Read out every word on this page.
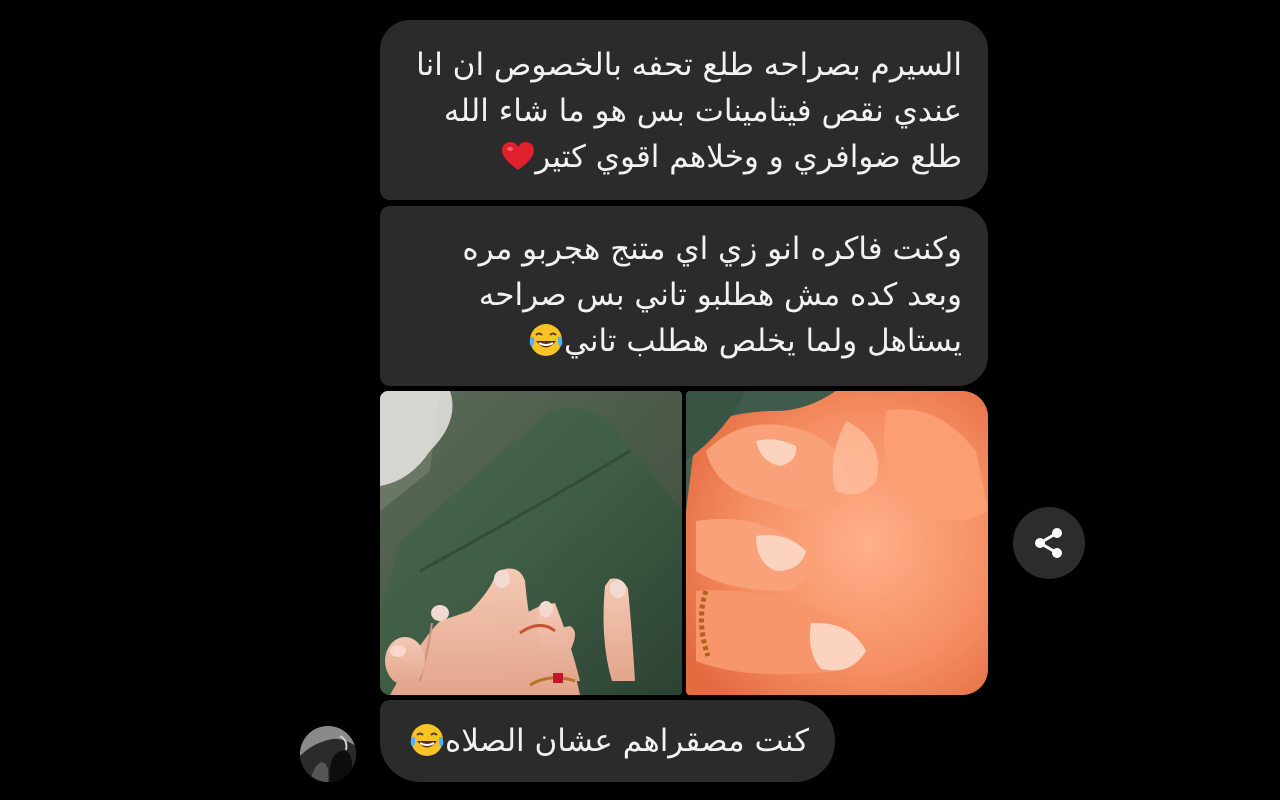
السيرم بصراحه طلع تحفه بالخصوص ان انا
عندي نقص فيتامينات بس هو ما شاء الله
طلع ضوافري و وخلاهم اقوي كتير
وكنت فاكره انو زي اي متنج هجربو مره
وبعد كده مش هطلبو تاني بس صراحه
يستاهل ولما يخلص هطلب تاني
كنت مصقراهم عشان الصلاه
